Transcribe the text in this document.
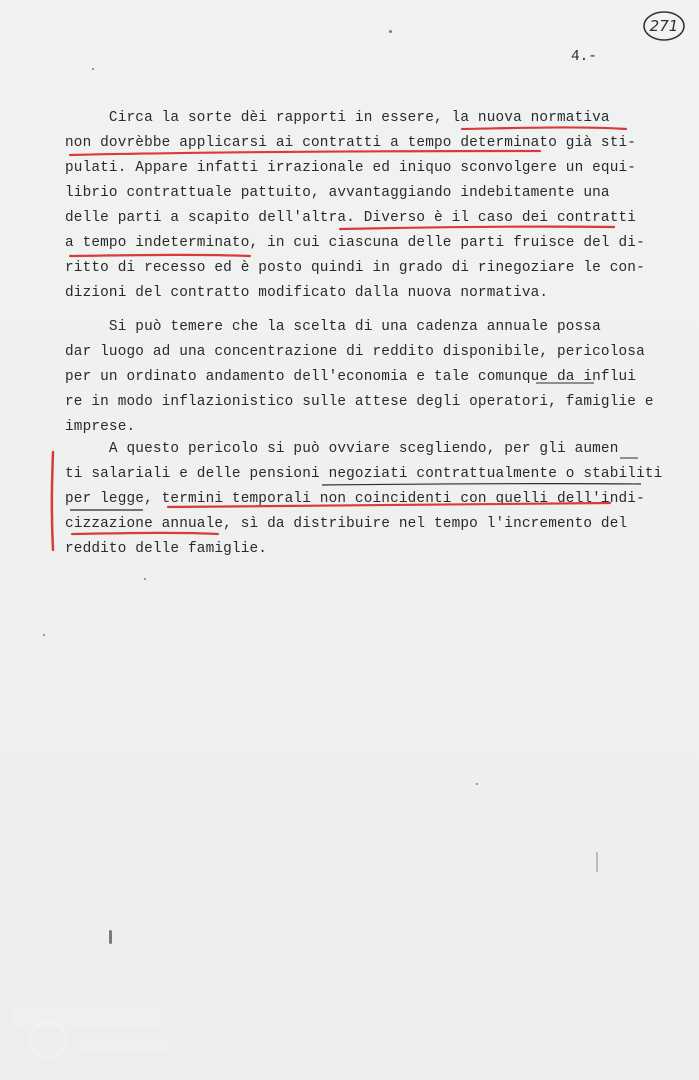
271
4.-
Circa la sorte dèi rapporti in essere, la nuova normativa
non dovrèbbe applicarsi ai contratti a tempo determinato già sti-
pulati. Appare infatti irrazionale ed iniquo sconvolgere un equi-
librio contrattuale pattuito, avvantaggiando indebitamente una
delle parti a scapito dell'altra. Diverso è il caso dei contratti
a tempo indeterminato, in cui ciascuna delle parti fruisce del di-
ritto di recesso ed è posto quindi in grado di rinegoziare le con-
dizioni del contratto modificato dalla nuova normativa.
Si può temere che la scelta di una cadenza annuale possa
dar luogo ad una concentrazione di reddito disponibile, pericolosa
per un ordinato andamento dell'economia e tale comunque da influi
re in modo inflazionistico sulle attese degli operatori, famiglie e
imprese.
A questo pericolo si può ovviare scegliendo, per gli aumen
ti salariali e delle pensioni negoziati contrattualmente o stabiliti
per legge, termini temporali non coincidenti con quelli dell'indi-
cizzazione annuale, sì da distribuire nel tempo l'incremento del
reddito delle famiglie.
